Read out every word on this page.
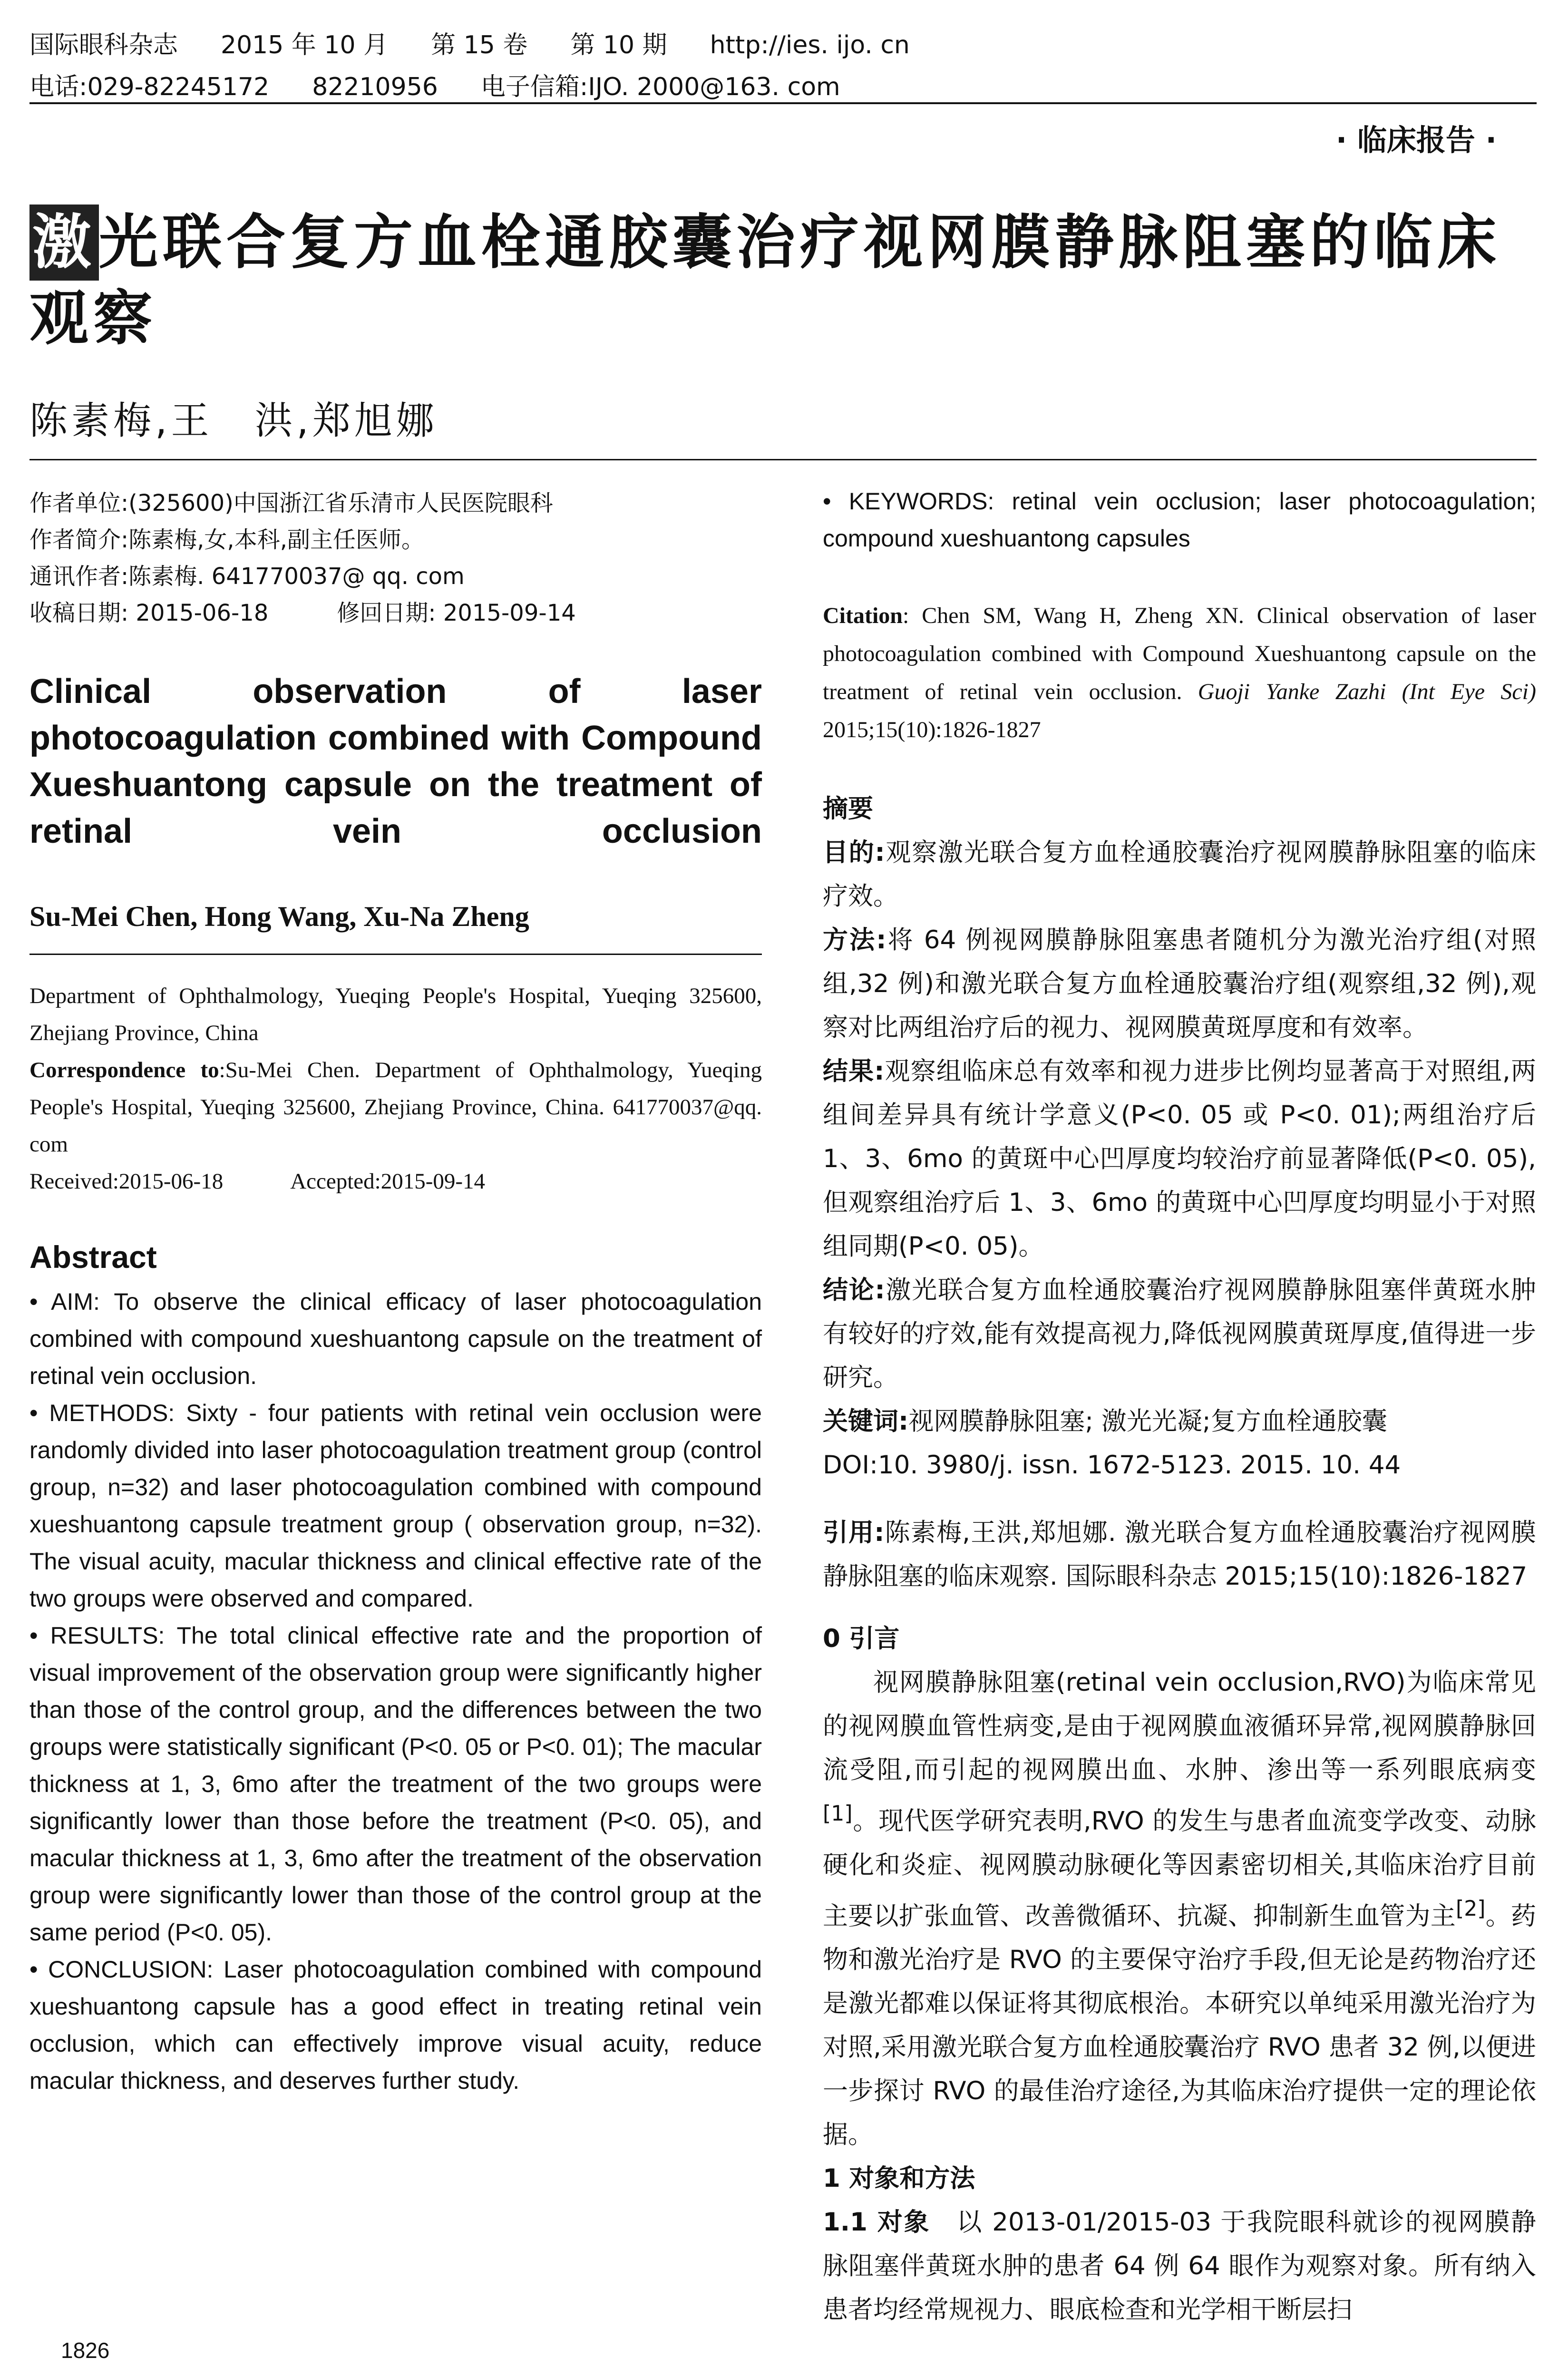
国际眼科杂志 2015 年 10 月 第 15 卷 第 10 期 http://ies. ijo. cn
电话:029-82245172 82210956 电子信箱:IJO. 2000@163. com
· 临床报告 ·
激光联合复方血栓通胶囊治疗视网膜静脉阻塞的临床观察
陈素梅,王　洪,郑旭娜

作者单位:(325600)中国浙江省乐清市人民医院眼科

作者简介:陈素梅,女,本科,副主任医师。

通讯作者:陈素梅. 641770037@ qq. com

收稿日期: 2015-06-18　　　修回日期: 2015-09-14

Clinical observation of laser photocoagulation combined with Compound Xueshuantong capsule on the treatment of retinal vein occlusion
Su-Mei Chen, Hong Wang, Xu-Na Zheng

Department of Ophthalmology, Yueqing People's Hospital, Yueqing 325600, Zhejiang Province, China

Correspondence to:Su-Mei Chen. Department of Ophthalmology, Yueqing People's Hospital, Yueqing 325600, Zhejiang Province, China. 641770037@qq. com

Received:2015-06-18　　　Accepted:2015-09-14

Abstract

• AIM: To observe the clinical efficacy of laser photocoagulation combined with compound xueshuantong capsule on the treatment of retinal vein occlusion.

• METHODS: Sixty - four patients with retinal vein occlusion were randomly divided into laser photocoagulation treatment group (control group, n=32) and laser photocoagulation combined with compound xueshuantong capsule treatment group ( observation group, n=32). The visual acuity, macular thickness and clinical effective rate of the two groups were observed and compared.

• RESULTS: The total clinical effective rate and the proportion of visual improvement of the observation group were significantly higher than those of the control group, and the differences between the two groups were statistically significant (P<0. 05 or P<0. 01); The macular thickness at 1, 3, 6mo after the treatment of the two groups were significantly lower than those before the treatment (P<0. 05), and macular thickness at 1, 3, 6mo after the treatment of the observation group were significantly lower than those of the control group at the same period (P<0. 05).

• CONCLUSION: Laser photocoagulation combined with compound xueshuantong capsule has a good effect in treating retinal vein occlusion, which can effectively improve visual acuity, reduce macular thickness, and deserves further study.

1826

• KEYWORDS: retinal vein occlusion; laser photocoagulation; compound xueshuantong capsules

Citation: Chen SM, Wang H, Zheng XN. Clinical observation of laser photocoagulation combined with Compound Xueshuantong capsule on the treatment of retinal vein occlusion. Guoji Yanke Zazhi (Int Eye Sci) 2015;15(10):1826-1827

摘要

目的:观察激光联合复方血栓通胶囊治疗视网膜静脉阻塞的临床疗效。

方法:将 64 例视网膜静脉阻塞患者随机分为激光治疗组(对照组,32 例)和激光联合复方血栓通胶囊治疗组(观察组,32 例),观察对比两组治疗后的视力、视网膜黄斑厚度和有效率。

结果:观察组临床总有效率和视力进步比例均显著高于对照组,两组间差异具有统计学意义(P<0. 05 或 P<0. 01);两组治疗后 1、3、6mo 的黄斑中心凹厚度均较治疗前显著降低(P<0. 05),但观察组治疗后 1、3、6mo 的黄斑中心凹厚度均明显小于对照组同期(P<0. 05)。

结论:激光联合复方血栓通胶囊治疗视网膜静脉阻塞伴黄斑水肿有较好的疗效,能有效提高视力,降低视网膜黄斑厚度,值得进一步研究。

关键词:视网膜静脉阻塞; 激光光凝;复方血栓通胶囊

DOI:10. 3980/j. issn. 1672-5123. 2015. 10. 44

引用:陈素梅,王洪,郑旭娜. 激光联合复方血栓通胶囊治疗视网膜静脉阻塞的临床观察. 国际眼科杂志 2015;15(10):1826-1827

0 引言

视网膜静脉阻塞(retinal vein occlusion,RVO)为临床常见的视网膜血管性病变,是由于视网膜血液循环异常,视网膜静脉回流受阻,而引起的视网膜出血、水肿、渗出等一系列眼底病变[1]。现代医学研究表明,RVO 的发生与患者血流变学改变、动脉硬化和炎症、视网膜动脉硬化等因素密切相关,其临床治疗目前主要以扩张血管、改善微循环、抗凝、抑制新生血管为主[2]。药物和激光治疗是 RVO 的主要保守治疗手段,但无论是药物治疗还是激光都难以保证将其彻底根治。本研究以单纯采用激光治疗为对照,采用激光联合复方血栓通胶囊治疗 RVO 患者 32 例,以便进一步探讨 RVO 的最佳治疗途径,为其临床治疗提供一定的理论依据。

1 对象和方法

1.1 对象　以 2013-01/2015-03 于我院眼科就诊的视网膜静脉阻塞伴黄斑水肿的患者 64 例 64 眼作为观察对象。所有纳入患者均经常规视力、眼底检查和光学相干断层扫
